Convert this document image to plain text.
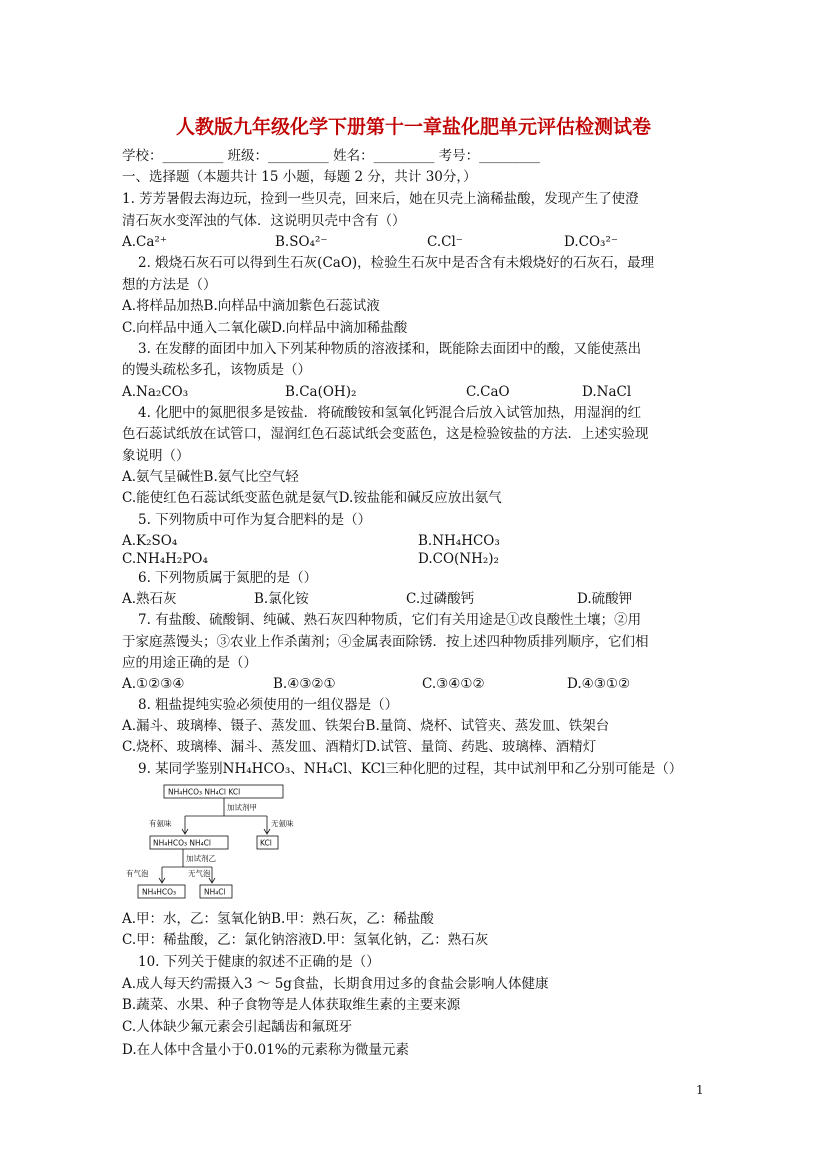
人教版九年级化学下册第十一章盐化肥单元评估检测试卷
学校：_________ 班级：_________ 姓名：_________ 考号：_________
一、选择题（本题共计 15 小题，每题 2 分，共计 30分，）
1. 芳芳暑假去海边玩，捡到一些贝壳，回来后，她在贝壳上滴稀盐酸，发现产生了使澄
清石灰水变浑浊的气体．这说明贝壳中含有（）
A.Ca²⁺	B.SO₄²⁻	C.Cl⁻	D.CO₃²⁻
2. 煅烧石灰石可以得到生石灰(CaO)，检验生石灰中是否含有未煅烧好的石灰石，最理
想的方法是（）
A.将样品加热B.向样品中滴加紫色石蕊试液
C.向样品中通入二氧化碳D.向样品中滴加稀盐酸
3. 在发酵的面团中加入下列某种物质的溶液揉和，既能除去面团中的酸，又能使蒸出
的馒头疏松多孔，该物质是（）
A.Na₂CO₃	B.Ca(OH)₂	C.CaO	D.NaCl
4. 化肥中的氮肥很多是铵盐．将硫酸铵和氢氧化钙混合后放入试管加热，用湿润的红
色石蕊试纸放在试管口，湿润红色石蕊试纸会变蓝色，这是检验铵盐的方法．上述实验现
象说明（）
A.氨气呈碱性B.氨气比空气轻
C.能使红色石蕊试纸变蓝色就是氨气D.铵盐能和碱反应放出氨气
5. 下列物质中可作为复合肥料的是（）
A.K₂SO₄	B.NH₄HCO₃
C.NH₄H₂PO₄	D.CO(NH₂)₂
6. 下列物质属于氮肥的是（）
A.熟石灰	B.氯化铵	C.过磷酸钙	D.硫酸钾
7. 有盐酸、硫酸铜、纯碱、熟石灰四种物质，它们有关用途是①改良酸性土壤；②用
于家庭蒸馒头；③农业上作杀菌剂；④金属表面除锈．按上述四种物质排列顺序，它们相
应的用途正确的是（）
A.①②③④	B.④③②①	C.③④①②	D.④③①②
8. 粗盐提纯实验必须使用的一组仪器是（）
A.漏斗、玻璃棒、镊子、蒸发皿、铁架台B.量筒、烧杯、试管夹、蒸发皿、铁架台
C.烧杯、玻璃棒、漏斗、蒸发皿、酒精灯D.试管、量筒、药匙、玻璃棒、酒精灯
9. 某同学鉴别NH₄HCO₃、NH₄Cl、KCl三种化肥的过程，其中试剂甲和乙分别可能是（）
NH₄HCO₃ NH₄Cl KCl
加试剂甲
有氨味	无氨味
NH₄HCO₃ NH₄Cl	KCl
加试剂乙
有气泡	无气泡
NH₄HCO₃	NH₄Cl
A.甲：水，乙：氢氧化钠B.甲：熟石灰，乙：稀盐酸
C.甲：稀盐酸，乙：氯化钠溶液D.甲：氢氧化钠，乙：熟石灰
10. 下列关于健康的叙述不正确的是（）
A.成人每天约需摄入3 ～ 5g食盐，长期食用过多的食盐会影响人体健康
B.蔬菜、水果、种子食物等是人体获取维生素的主要来源
C.人体缺少氟元素会引起龋齿和氟斑牙
D.在人体中含量小于0.01%的元素称为微量元素
1
